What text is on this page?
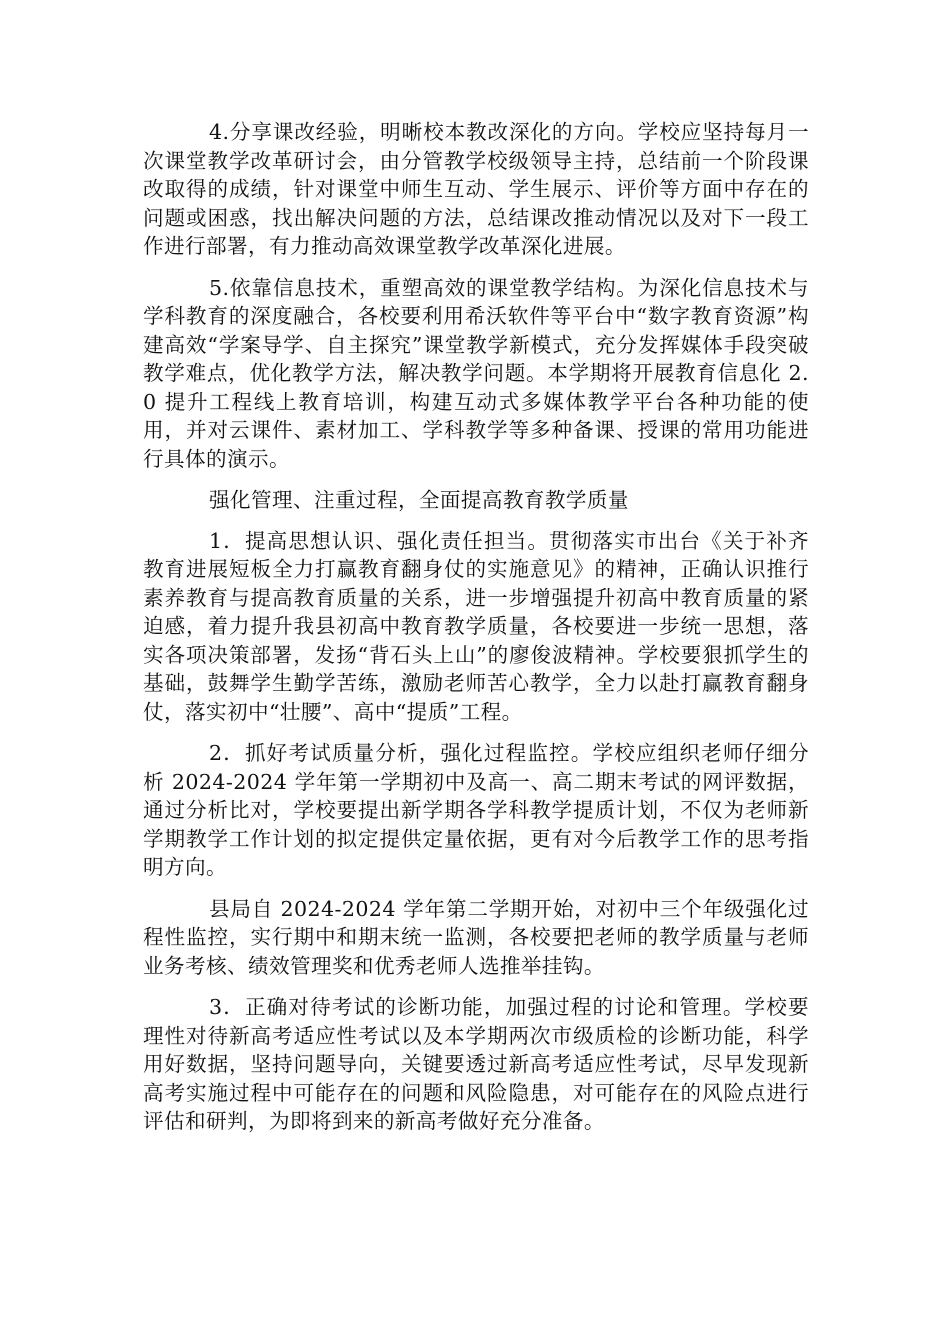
4.分享课改经验，明晰校本教改深化的方向。学校应坚持每月一次课堂教学改革研讨会，由分管教学校级领导主持，总结前一个阶段课改取得的成绩，针对课堂中师生互动、学生展示、评价等方面中存在的问题或困惑，找出解决问题的方法，总结课改推动情况以及对下一段工作进行部署，有力推动高效课堂教学改革深化进展。

5.依靠信息技术，重塑高效的课堂教学结构。为深化信息技术与学科教育的深度融合，各校要利用希沃软件等平台中“数字教育资源”构建高效“学案导学、自主探究”课堂教学新模式，充分发挥媒体手段突破教学难点，优化教学方法，解决教学问题。本学期将开展教育信息化 2.0 提升工程线上教育培训，构建互动式多媒体教学平台各种功能的使用，并对云课件、素材加工、学科教学等多种备课、授课的常用功能进行具体的演示。

强化管理、注重过程，全面提高教育教学质量

1．提高思想认识、强化责任担当。贯彻落实市出台《关于补齐教育进展短板全力打赢教育翻身仗的实施意见》的精神，正确认识推行素养教育与提高教育质量的关系，进一步增强提升初高中教育质量的紧迫感，着力提升我县初高中教育教学质量，各校要进一步统一思想，落实各项决策部署，发扬“背石头上山”的廖俊波精神。学校要狠抓学生的基础，鼓舞学生勤学苦练，激励老师苦心教学，全力以赴打赢教育翻身仗，落实初中“壮腰”、高中“提质”工程。

2．抓好考试质量分析，强化过程监控。学校应组织老师仔细分析 2024-2024 学年第一学期初中及高一、高二期末考试的网评数据，通过分析比对，学校要提出新学期各学科教学提质计划，不仅为老师新学期教学工作计划的拟定提供定量依据，更有对今后教学工作的思考指明方向。

县局自 2024-2024 学年第二学期开始，对初中三个年级强化过程性监控，实行期中和期末统一监测，各校要把老师的教学质量与老师业务考核、绩效管理奖和优秀老师人选推举挂钩。

3．正确对待考试的诊断功能，加强过程的讨论和管理。学校要理性对待新高考适应性考试以及本学期两次市级质检的诊断功能，科学用好数据，坚持问题导向，关键要透过新高考适应性考试，尽早发现新高考实施过程中可能存在的问题和风险隐患，对可能存在的风险点进行评估和研判，为即将到来的新高考做好充分准备。
